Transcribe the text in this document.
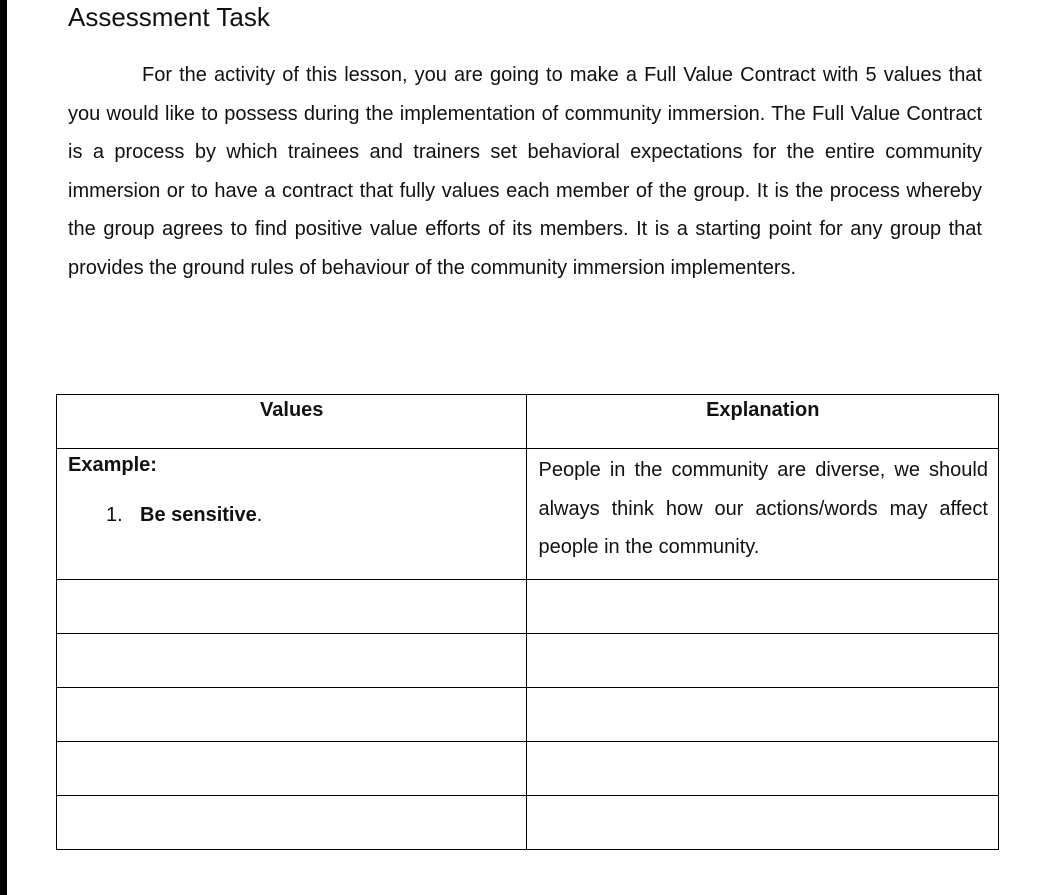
Assessment Task

For the activity of this lesson, you are going to make a Full Value Contract with 5 values that you would like to possess during the implementation of community immersion. The Full Value Contract is a process by which trainees and trainers set behavioral expectations for the entire community immersion or to have a contract that fully values each member of the group. It is the process whereby the group agrees to find positive value efforts of its members. It is a starting point for any group that provides the ground rules of behaviour of the community immersion implementers.

Values	Explanation

Example:
1. Be sensitive.	People in the community are diverse, we should always think how our actions/words may affect people in the community.
